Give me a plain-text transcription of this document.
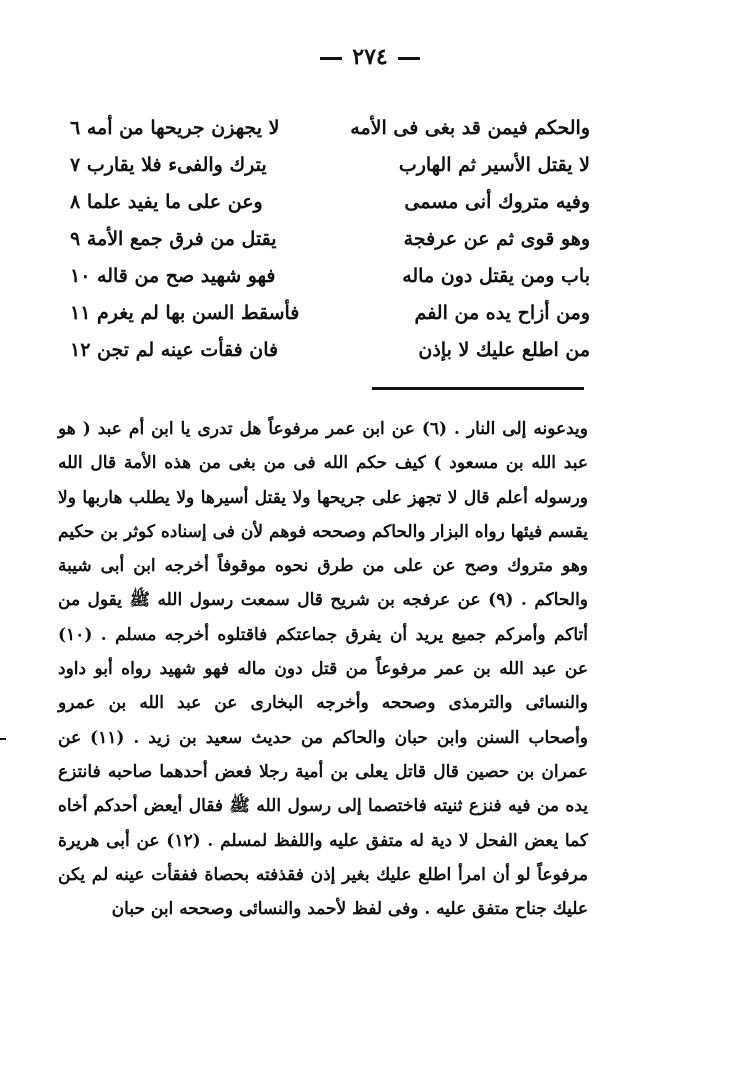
٢٧٤
والحكم فيمن قد بغى فى الأمه
لا يجهزن جريحها من أمه ٦
لا يقتل الأسير ثم الهارب
يترك والفىء فلا يقارب ٧
وفيه متروك أنى مسمى
وعن على ما يفيد علما ٨
وهو قوى ثم عن عرفجة
يقتل من فرق جمع الأمة ٩
باب ومن يقتل دون ماله
فهو شهيد صح من قاله ١٠
ومن أزاح يده من الفم
فأسقط السن بها لم يغرم ١١
من اطلع عليك لا بإذن
فان فقأت عينه لم تجن ١٢

ويدعونه إلى النار . (٦) عن ابن عمر مرفوعاً هل تدرى يا ابن أم عبد ( هو عبد الله بن مسعود ) كيف حكم الله فى من بغى من هذه الأمة قال الله ورسوله أعلم قال لا تجهز على جريحها ولا يقتل أسيرها ولا يطلب هاربها ولا يقسم فيئها رواه البزار والحاكم وصححه فوهم لأن فى إسناده كوثر بن حكيم وهو متروك وصح عن على من طرق نحوه موقوفاً أخرجه ابن أبى شيبة والحاكم . (٩) عن عرفجه بن شريح قال سمعت رسول الله ﷺ يقول من أتاكم وأمركم جميع يريد أن يفرق جماعتكم فاقتلوه أخرجه مسلم . (١٠) عن عبد الله بن عمر مرفوعاً من قتل دون ماله فهو شهيد رواه أبو داود والنسائى والترمذى وصححه وأخرجه البخارى عن عبد الله بن عمرو وأصحاب السنن وابن حبان والحاكم من حديث سعيد بن زيد . (١١) عن عمران بن حصين قال قاتل يعلى بن أمية رجلا فعض أحدهما صاحبه فانتزع يده من فيه فنزع ثنيته فاختصما إلى رسول الله ﷺ فقال أيعض أحدكم أخاه كما يعض الفحل لا دية له متفق عليه واللفظ لمسلم . (١٢) عن أبى هريرة مرفوعاً لو أن امرأ اطلع عليك بغير إذن فقذفته بحصاة ففقأت عينه لم يكن عليك جناح متفق عليه . وفى لفظ لأحمد والنسائى وصححه ابن حبان
